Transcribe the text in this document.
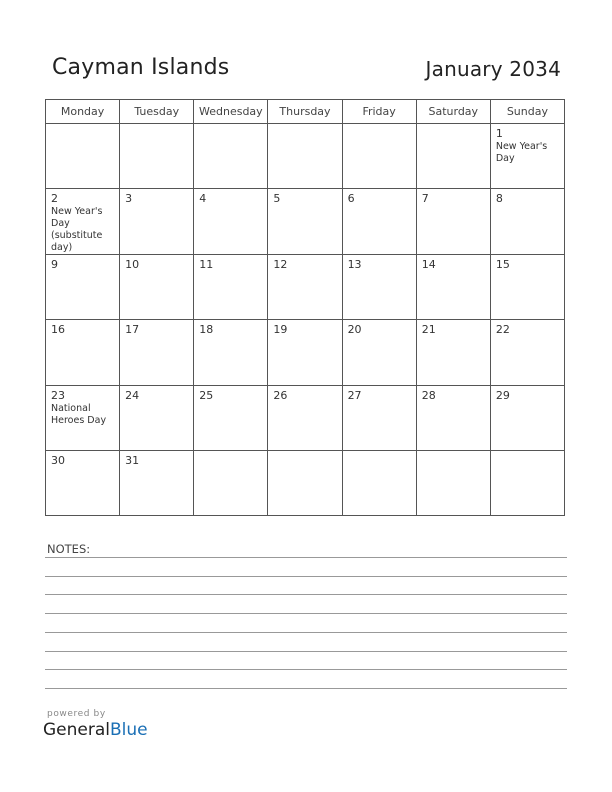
Cayman Islands	January 2034
Monday	Tuesday	Wednesday	Thursday	Friday	Saturday	Sunday

						1
New Year's Day

2
New Year's Day (substitute day)	3	4	5	6	7	8

9	10	11	12	13	14	15

16	17	18	19	20	21	22

23
National Heroes Day	24	25	26	27	28	29

30	31					

NOTES:
powered by
GeneralBlue
